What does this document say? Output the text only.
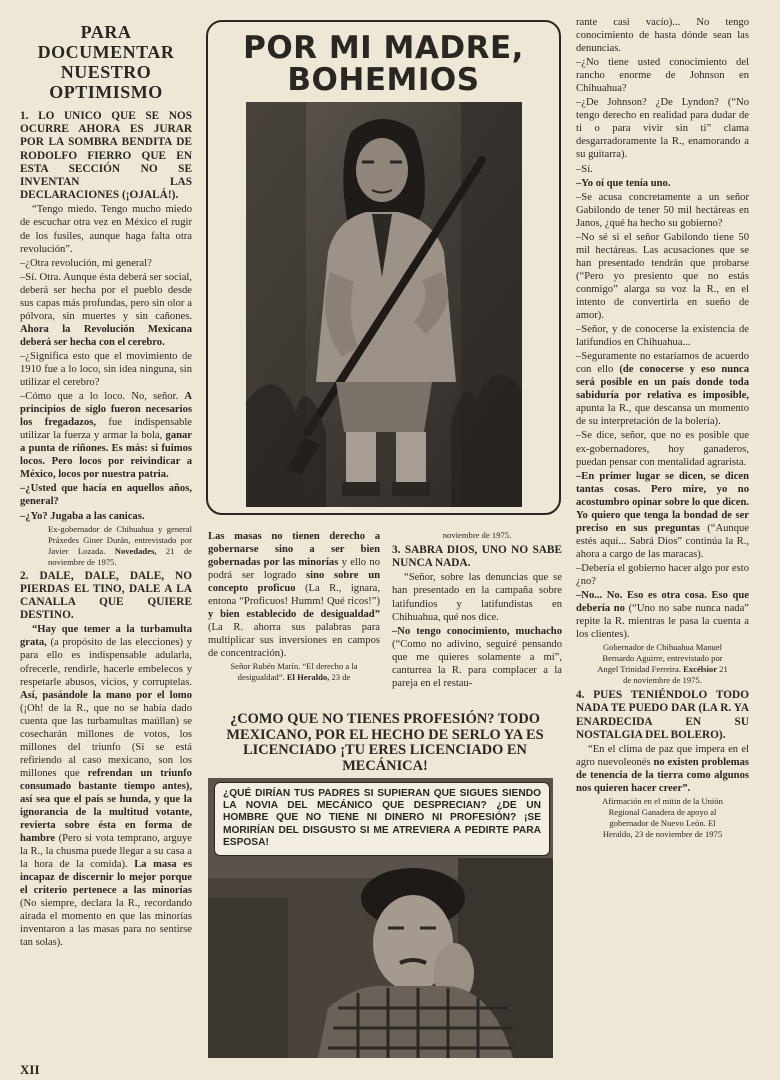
PARA DOCUMENTAR NUESTRO OPTIMISMO
1. LO UNICO QUE SE NOS OCURRE AHORA ES JURAR POR LA SOMBRA BENDITA DE RODOLFO FIERRO QUE EN ESTA SECCIÓN NO SE INVENTAN LAS DECLARACIONES (¡OJALÁ!).

“Tengo miedo. Tengo mucho miedo de escuchar otra vez en México el rugir de los fusiles, aunque haga falta otra revolución”.

–¿Otra revolución, mi general?

–Sí. Otra. Aunque ésta deberá ser social, deberá ser hecha por el pueblo desde sus capas más profundas, pero sin olor a pólvora, sin muertes y sin cañones. Ahora la Revolución Mexicana deberá ser hecha con el cerebro.

–¿Significa esto que el movimiento de 1910 fue a lo loco, sin idea ninguna, sin utilizar el cerebro?

–Cómo que a lo loco. No, señor. A principios de siglo fueron necesarios los fregadazos, fue indispensable utilizar la fuerza y armar la bola, ganar a punta de riñones. Es más: si fuimos locos. Pero locos por reivindicar a México, locos por nuestra patria.

–¿Usted que hacía en aquellos años, general?

–¿Yo? Jugaba a las canicas.

Ex-gobernador de Chihuahua y general Práxedes Giner Durán, entrevistado por Javier Lozada. Novedades, 21 de noviembre de 1975.

2. DALE, DALE, DALE, NO PIERDAS EL TINO, DALE A LA CANALLA QUE QUIERE DESTINO.

“Hay que temer a la turbamulta grata, (a propósito de las elecciones) y para ello es indispensable adularla, ofrecerle, rendirle, hacerle embelecos y respetarle abusos, vicios, y corruptelas. Así, pasándole la mano por el lomo (¡Oh! de la R., que no se había dado cuenta que las turbamultas maúllan) se cosecharán millones de votos, los millones del triunfo (Si se está refiriendo al caso mexicano, son los millones que refrendan un triunfo consumado bastante tiempo antes), así sea que el país se hunda, y que la ignorancia de la multitud votante, revierta sobre ésta en forma de hambre (Pero si vota temprano, arguye la R., la chusma puede llegar a su casa a la hora de la comida). La masa es incapaz de discernir lo mejor porque el criterio pertenece a las minorías (No siempre, declara la R., recordando airada el momento en que las minorías inventaron a las masas para no sentirse tan solas).

POR MI MADRE,
BOHEMIOS

Las masas no tienen derecho a gobernarse sino a ser bien gobernadas por las minorías y ello no podrá ser logrado sino sobre un concepto proficuo (La R., ignara, entona “Proficuos! Humm! Qué ricos!”) y bien establecido de desigualdad” (La R. ahorra sus palabras para multiplicar sus inversiones en campos de concentración).

Señor Rubén Marín. “El derecho a la desigualdad”. El Heraldo, 23 de

noviembre de 1975.

3. SABRA DIOS, UNO NO SABE NUNCA NADA.

“Señor, sobre las denuncias que se han presentado en la campaña sobre latifundios y latifundistas en Chihuahua, qué nos dice.

–No tengo conocimiento, muchacho (“Como no adivino, seguiré pensando que me quieres solamente a mí”, canturrea la R. para complacer a la pareja en el restau-

¿COMO QUE NO TIENES PROFESIÓN? TODO MEXICANO, POR EL HECHO DE SERLO YA ES LICENCIADO ¡TU ERES LICENCIADO EN MECÁNICA!
¿QUÉ DIRÍAN TUS PADRES SI SUPIERAN QUE SIGUES SIENDO LA NOVIA DEL MECÁNICO QUE DESPRECIAN? ¿DE UN HOMBRE QUE NO TIENE NI DINERO NI PROFESIÓN? ¡SE MORIRÍAN DEL DISGUSTO SI ME ATREVIERA A PEDIRTE PARA ESPOSA!

rante casi vacío)... No tengo conocimiento de hasta dónde sean las denuncias.

–¿No tiene usted conocimiento del rancho enorme de Johnson en Chihuahua?

–¿De Johnson? ¿De Lyndon? (“No tengo derecho en realidad para dudar de ti o para vivir sin ti” clama desgarradoramente la R., enamorando a su guitarra).

–Sí.

–Yo oí que tenía uno.

–Se acusa concretamente a un señor Gabilondo de tener 50 mil hectáreas en Janos, ¿qué ha hecho su gobierno?

–No sé si el señor Gabilondo tiene 50 mil hectáreas. Las acusaciones que se han presentado tendrán que probarse (“Pero yo presiento que no estás conmigo” alarga su voz la R., en el intento de convertirla en sueño de amor).

–Señor, y de conocerse la existencia de latifundios en Chihuahua...

–Seguramente no estaríamos de acuerdo con ello (de conocerse y eso nunca será posible en un país donde toda sabiduría por relativa es imposible, apunta la R., que descansa un momento de su interpretación de la bolería).

–Se dice, señor, que no es posible que ex-gobernadores, hoy ganaderos, puedan pensar con mentalidad agrarista.

–En primer lugar se dicen, se dicen tantas cosas. Pero mire, yo no acostumbro opinar sobre lo que dicen. Yo quiero que tenga la bondad de ser preciso en sus preguntas (“Aunque estés aquí... Sabrá Dios” continúa la R., ahora a cargo de las maracas).

–Debería el gobierno hacer algo por esto ¿no?

–No... No. Eso es otra cosa. Eso que debería no (“Uno no sabe nunca nada” repite la R. mientras le pasa la cuenta a los clientes).

Gobernador de Chihuahua Manuel Bernardo Aguirre, entrevistado por Angel Trinidad Ferreira. Excélsior 21 de noviembre de 1975.

4. PUES TENIÉNDOLO TODO NADA TE PUEDO DAR (LA R. YA ENARDECIDA EN SU NOSTALGIA DEL BOLERO).

“En el clima de paz que impera en el agro nuevoleonés no existen problemas de tenencia de la tierra como algunos nos quieren hacer creer”.

Afirmación en el mitin de la Unión Regional Ganadera de apoyo al gobernador de Nuevo León. El Heraldo, 23 de noviembre de 1975

XII
